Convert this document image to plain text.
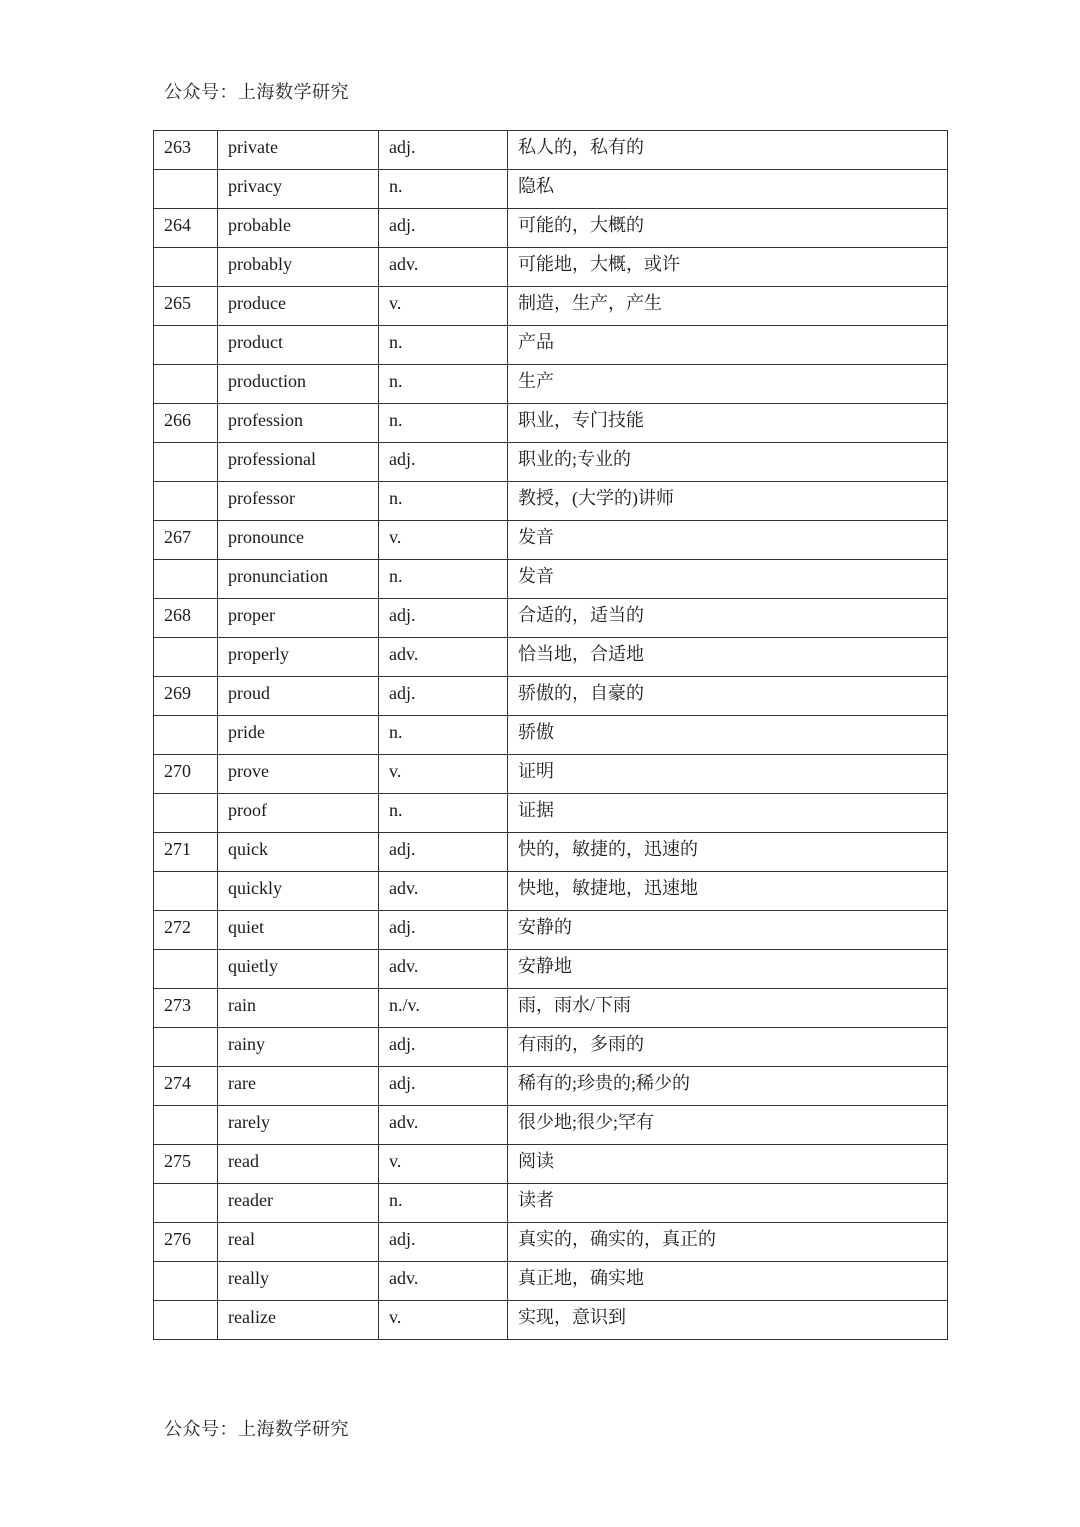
公众号：上海数学研究
263	private	adj.	私人的，私有的
	privacy	n.	隐私
264	probable	adj.	可能的，大概的
	probably	adv.	可能地，大概，或许
265	produce	v.	制造，生产，产生
	product	n.	产品
	production	n.	生产
266	profession	n.	职业，专门技能
	professional	adj.	职业的;专业的
	professor	n.	教授，(大学的)讲师
267	pronounce	v.	发音
	pronunciation	n.	发音
268	proper	adj.	合适的，适当的
	properly	adv.	恰当地，合适地
269	proud	adj.	骄傲的，自豪的
	pride	n.	骄傲
270	prove	v.	证明
	proof	n.	证据
271	quick	adj.	快的，敏捷的，迅速的
	quickly	adv.	快地，敏捷地，迅速地
272	quiet	adj.	安静的
	quietly	adv.	安静地
273	rain	n./v.	雨，雨水/下雨
	rainy	adj.	有雨的，多雨的
274	rare	adj.	稀有的;珍贵的;稀少的
	rarely	adv.	很少地;很少;罕有
275	read	v.	阅读
	reader	n.	读者
276	real	adj.	真实的，确实的，真正的
	really	adv.	真正地，确实地
	realize	v.	实现，意识到
公众号：上海数学研究
